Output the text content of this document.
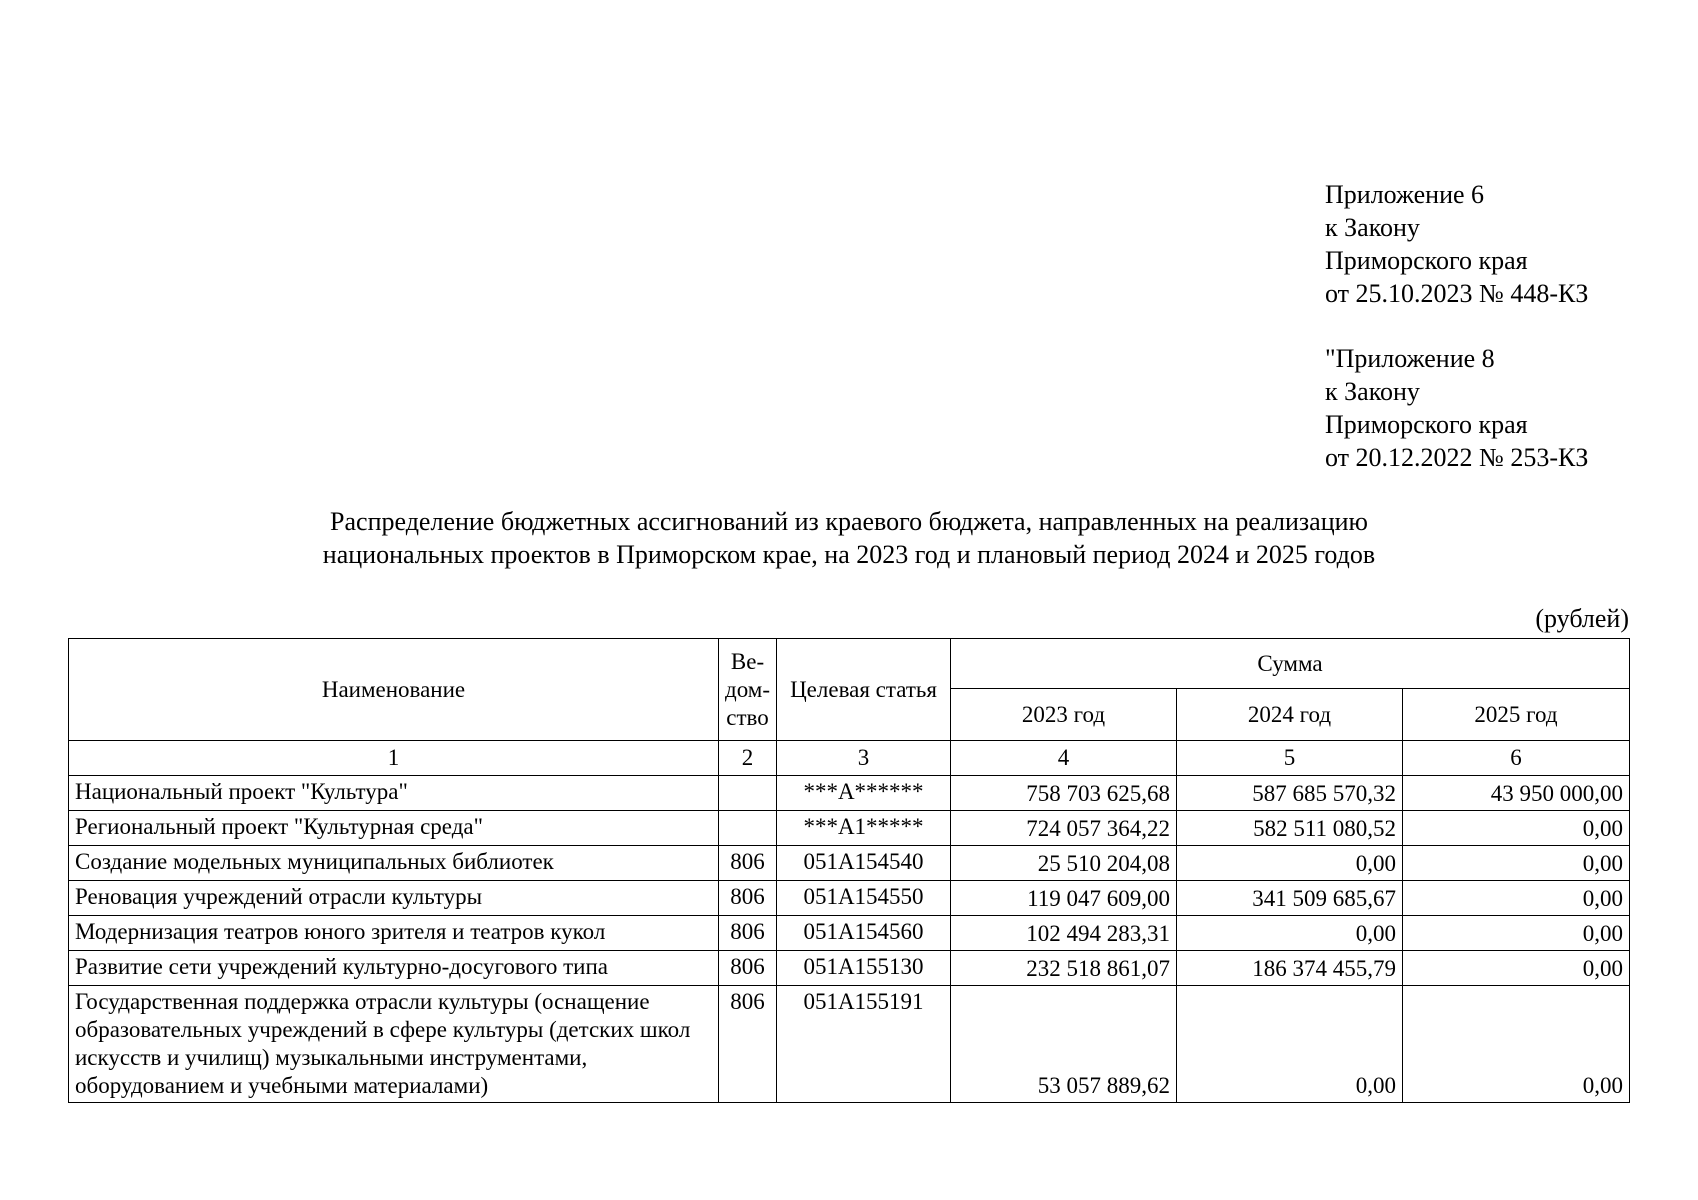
Приложение 6
к Закону
Приморского края
от 25.10.2023 № 448-КЗ
"Приложение 8
к Закону
Приморского края
от 20.12.2022 № 253-КЗ
Распределение бюджетных ассигнований из краевого бюджета, направленных на реализацию
национальных проектов в Приморском крае, на 2023 год и плановый период 2024 и 2025 годов
(рублей)
Наименование	Ве-
дом-
ство	Целевая статья	Сумма		
			2023 год	2024 год	2025 год
1	2	3	4	5	6
Национальный проект "Культура"		***А******	758 703 625,68	587 685 570,32	43 950 000,00
Региональный проект "Культурная среда"		***А1*****	724 057 364,22	582 511 080,52	0,00
Создание модельных муниципальных библиотек	806	051А154540	25 510 204,08	0,00	0,00
Реновация учреждений отрасли культуры	806	051А154550	119 047 609,00	341 509 685,67	0,00
Модернизация театров юного зрителя и театров кукол	806	051А154560	102 494 283,31	0,00	0,00
Развитие сети учреждений культурно-досугового типа	806	051А155130	232 518 861,07	186 374 455,79	0,00
Государственная поддержка отрасли культуры (оснащение образовательных учреждений в сфере культуры (детских школ искусств и училищ) музыкальными инструментами, оборудованием и учебными материалами)	806	051А155191	53 057 889,62	0,00	0,00
